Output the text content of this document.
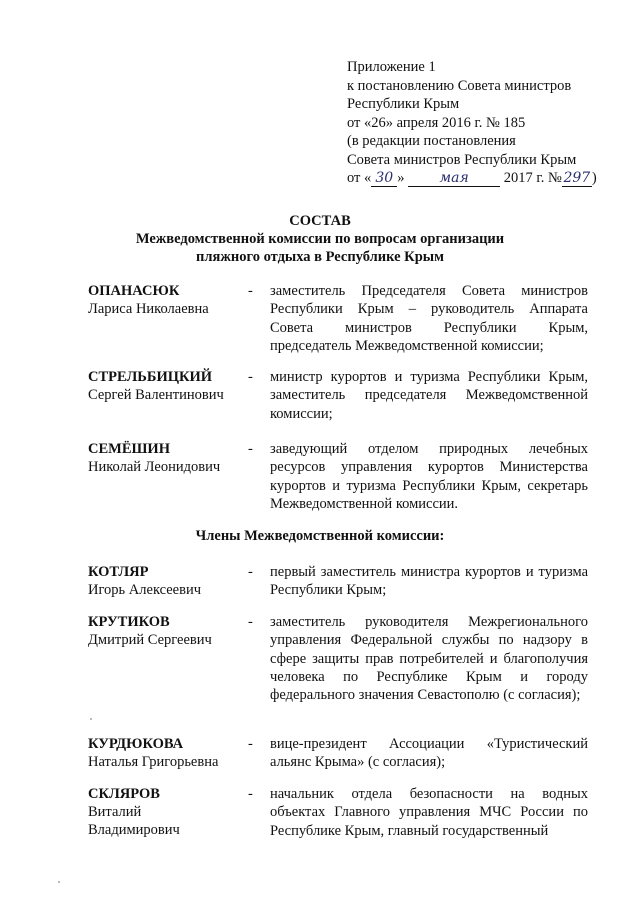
Приложение 1
к постановлению Совета министров
Республики Крым
от «26» апреля 2016 г. № 185
(в редакции постановления
Совета министров Республики Крым
от « 30 »	мая 2017 г. № 297 )
СОСТАВ
Межведомственной комиссии по вопросам организации
пляжного отдыха в Республике Крым
ОПАНАСЮК
Лариса Николаевна
- заместитель Председателя Совета министров Республики Крым – руководитель Аппарата Совета министров Республики Крым, председатель Межведомственной комиссии;
СТРЕЛЬБИЦКИЙ
Сергей Валентинович
- министр курортов и туризма Республики Крым, заместитель председателя Межведомственной комиссии;
СЕМЁШИН
Николай Леонидович
- заведующий отделом природных лечебных ресурсов управления курортов Министерства курортов и туризма Республики Крым, секретарь Межведомственной комиссии.
Члены Межведомственной комиссии:
КОТЛЯР
Игорь Алексеевич
- первый заместитель министра курортов и туризма Республики Крым;
КРУТИКОВ
Дмитрий Сергеевич
- заместитель руководителя Межрегионального управления Федеральной службы по надзору в сфере защиты прав потребителей и благополучия человека по Республике Крым и городу федерального значения Севастополю (с согласия);
КУРДЮКОВА
Наталья Григорьевна
- вице-президент Ассоциации «Туристический альянс Крыма» (с согласия);
СКЛЯРОВ
Виталий Владимирович
- начальник отдела безопасности на водных объектах Главного управления МЧС России по Республике Крым, главный государственный
